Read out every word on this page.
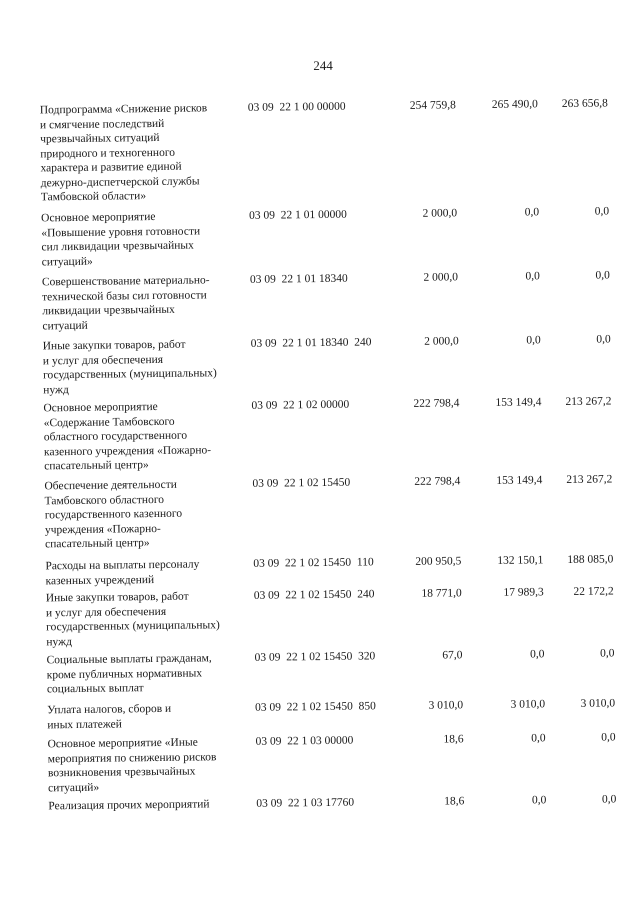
244
Подпрограмма «Снижение рисков
и смягчение последствий
чрезвычайных ситуаций
природного и техногенного
характера и развитие единой
дежурно-диспетчерской службы
Тамбовской области»
03 09  22 1 00 00000	254 759,8	265 490,0	263 656,8
Основное мероприятие
«Повышение уровня готовности
сил ликвидации чрезвычайных
ситуаций»
03 09  22 1 01 00000	2 000,0	0,0	0,0
Совершенствование материально-
технической базы сил готовности
ликвидации чрезвычайных
ситуаций
03 09  22 1 01 18340	2 000,0	0,0	0,0
Иные закупки товаров, работ
и услуг для обеспечения
государственных (муниципальных)
нужд
03 09  22 1 01 18340  240	2 000,0	0,0	0,0
Основное мероприятие
«Содержание Тамбовского
областного государственного
казенного учреждения «Пожарно-
спасательный центр»
03 09  22 1 02 00000	222 798,4	153 149,4	213 267,2
Обеспечение деятельности
Тамбовского областного
государственного казенного
учреждения «Пожарно-
спасательный центр»
03 09  22 1 02 15450	222 798,4	153 149,4	213 267,2
Расходы на выплаты персоналу
казенных учреждений
03 09  22 1 02 15450  110	200 950,5	132 150,1	188 085,0
Иные закупки товаров, работ
и услуг для обеспечения
государственных (муниципальных)
нужд
03 09  22 1 02 15450  240	18 771,0	17 989,3	22 172,2
Социальные выплаты гражданам,
кроме публичных нормативных
социальных выплат
03 09  22 1 02 15450  320	67,0	0,0	0,0
Уплата налогов, сборов и
иных платежей
03 09  22 1 02 15450  850	3 010,0	3 010,0	3 010,0
Основное мероприятие «Иные
мероприятия по снижению рисков
возникновения чрезвычайных
ситуаций»
03 09  22 1 03 00000	18,6	0,0	0,0
Реализация прочих мероприятий	03 09  22 1 03 17760	18,6	0,0	0,0
